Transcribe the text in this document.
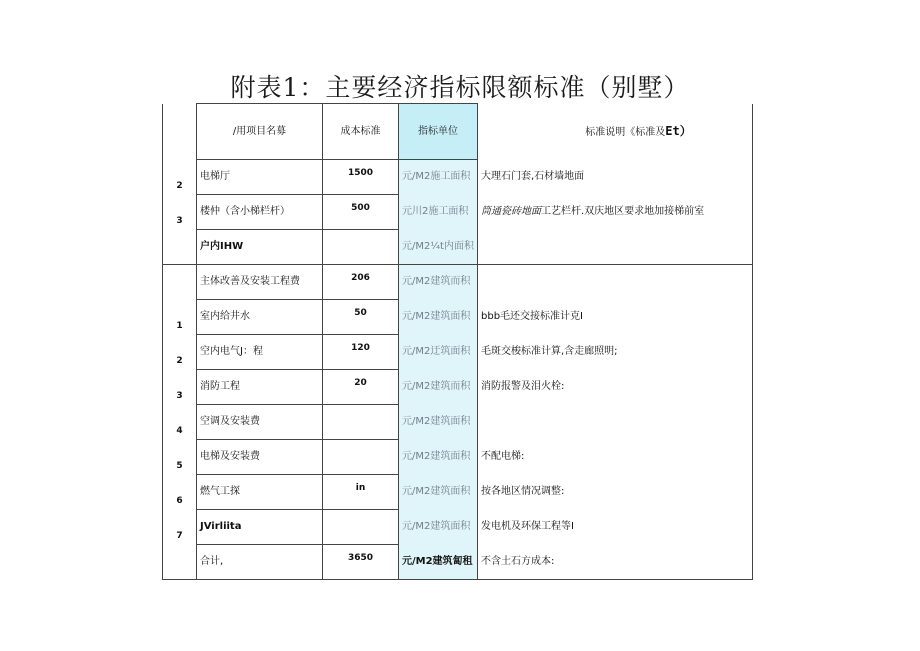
附表1：主要经济指标限额标准（别墅）
	/用项目名募	成本标准	指标单位	标准说明《标准及Et）
2	电梯厅	1500	元/M2施工面积	大理石门套,石材墙地面
3	楼仲（含小梯栏杆）	500	元川2施工面积	筒通瓷砖地面工艺栏杆.双庆地区要求地加接梯前室
	户内IHW		元/M2¼t内面积	
	主体改善及安装工程费	206	元/M2建筑而积	
1	室内给井水	50	元/M2建筑面积	bbb毛还交接标准计克I
2	空内电气J：程	120	元/M2迂筑面积	毛斑交梭标准计算,含走廊照明;
3	消防工程	20	元/M2建筑而积	消防报警及泪火栓:
4	空调及安装费		元/M2建筑面积	
5	电梯及安装费		元/M2建筑面积	不配电梯:
6	燃气工探	in	元/M2建筑面积	按各地区情况调整:
7	JVirliita		元/M2建筑面积	发电机及环保工程等I
	合计,	3650	元/M2建筑匐租	不含土石方成本:
